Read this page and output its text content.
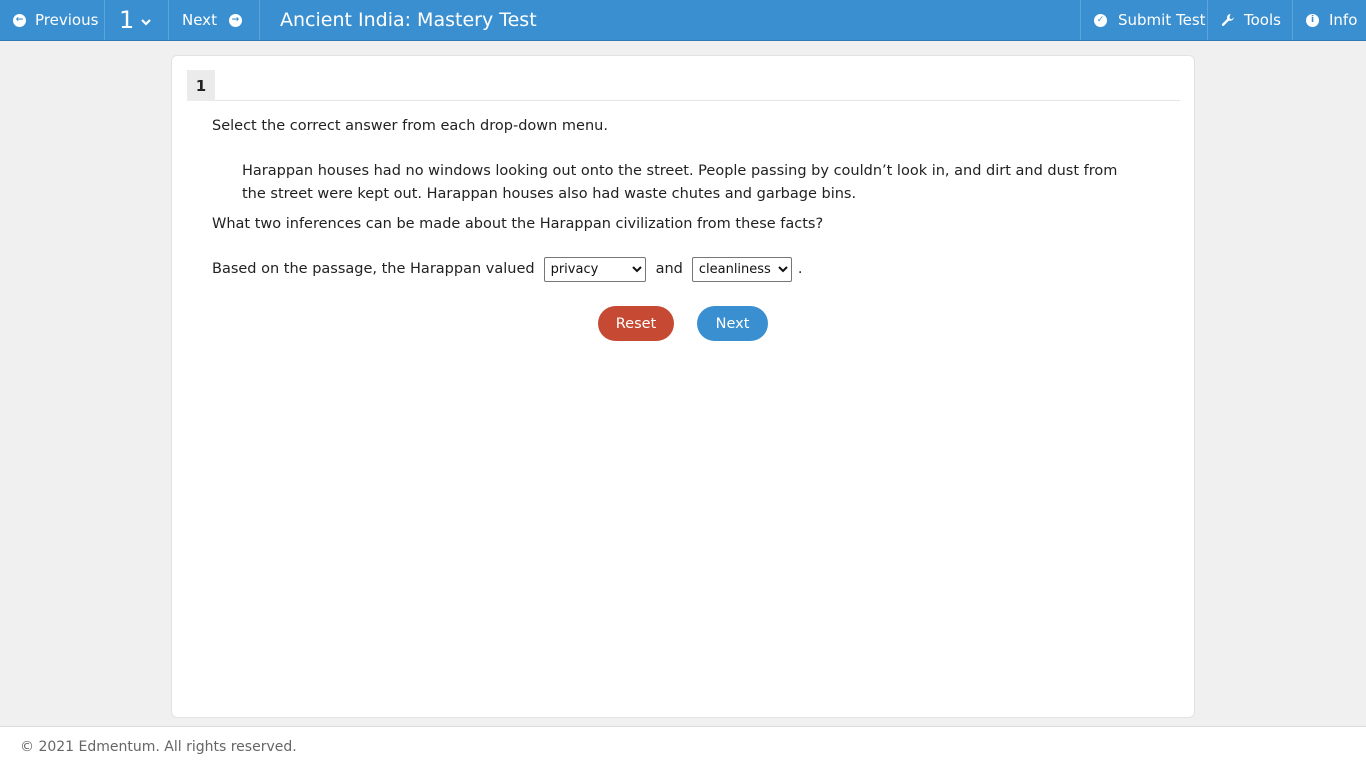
← Previous 1	Next	→	Ancient India: Mastery Test	✓ Submit Test	Tools	i Info
1
Select the correct answer from each drop-down menu.
Harappan houses had no windows looking out onto the street. People passing by couldn’t look in, and dirt and dust from the street were kept out. Harappan houses also had waste chutes and garbage bins.
What two inferences can be made about the Harappan civilization from these facts?
Based on the passage, the Harappan valued
privacy	and
cleanliness	.
Reset	Next
© 2021 Edmentum. All rights reserved.
